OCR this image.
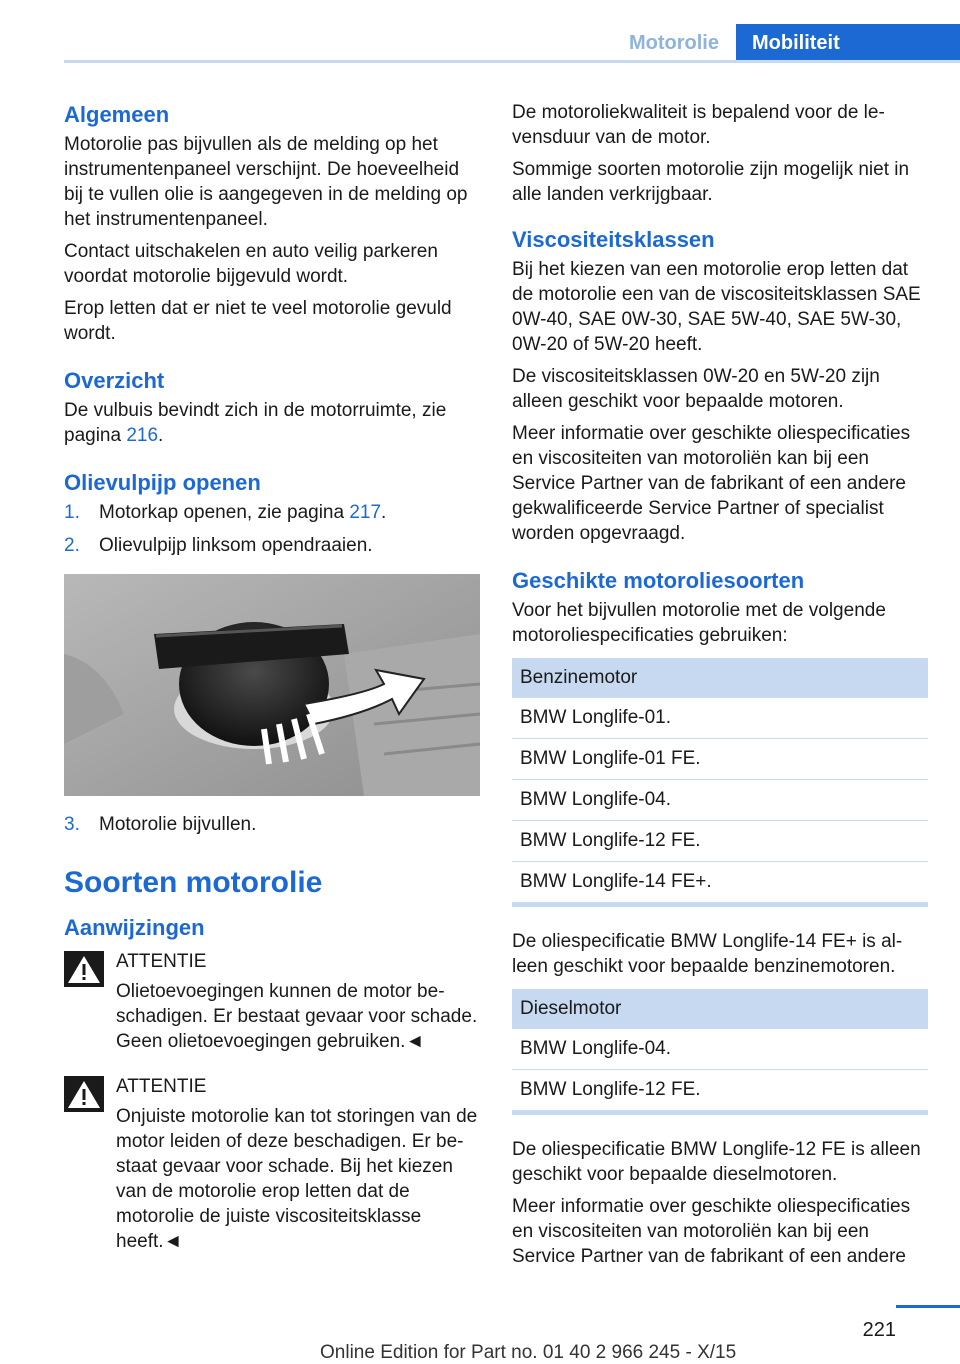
Motorolie	Mobiliteit
Algemeen

Motorolie pas bijvullen als de melding op het instrumentenpaneel verschijnt. De hoeveelheid bij te vullen olie is aangegeven in de melding op het instrumentenpaneel.

Contact uitschakelen en auto veilig parkeren voordat motorolie bijgevuld wordt.

Erop letten dat er niet te veel motorolie gevuld wordt.

Overzicht

De vulbuis bevindt zich in de motorruimte, zie pagina 216.

Olievulpijp openen
1. Motorkap openen, zie pagina 217.
2. Olievulpijp linksom opendraaien.
3. Motorolie bijvullen.
Soorten motorolie
Aanwijzingen
ATTENTIE

Olietoevoegingen kunnen de motor beschadigen. Er bestaat gevaar voor schade. Geen olietoevoegingen gebruiken.◄

ATTENTIE

Onjuiste motorolie kan tot storingen van de motor leiden of deze beschadigen. Er bestaat gevaar voor schade. Bij het kiezen van de motorolie erop letten dat de motorolie de juiste viscositeitsklasse heeft.◄

De motoroliekwaliteit is bepalend voor de levensduur van de motor.

Sommige soorten motorolie zijn mogelijk niet in alle landen verkrijgbaar.

Viscositeitsklassen

Bij het kiezen van een motorolie erop letten dat de motorolie een van de viscositeitsklassen SAE 0W-40, SAE 0W-30, SAE 5W-40, SAE 5W-30, 0W-20 of 5W-20 heeft.

De viscositeitsklassen 0W-20 en 5W-20 zijn alleen geschikt voor bepaalde motoren.

Meer informatie over geschikte oliespecificaties en viscositeiten van motoroliën kan bij een Service Partner van de fabrikant of een andere gekwalificeerde Service Partner of specialist worden opgevraagd.

Geschikte motoroliesoorten

Voor het bijvullen motorolie met de volgende motoroliespecificaties gebruiken:

Benzinemotor
BMW Longlife-01.
BMW Longlife-01 FE.
BMW Longlife-04.
BMW Longlife-12 FE.
BMW Longlife-14 FE+.

De oliespecificatie BMW Longlife-14 FE+ is alleen geschikt voor bepaalde benzinemotoren.

Dieselmotor
BMW Longlife-04.
BMW Longlife-12 FE.

De oliespecificatie BMW Longlife-12 FE is alleen geschikt voor bepaalde dieselmotoren.

Meer informatie over geschikte oliespecificaties en viscositeiten van motoroliën kan bij een Service Partner van de fabrikant of een andere

221
Online Edition for Part no. 01 40 2 966 245 - X/15
